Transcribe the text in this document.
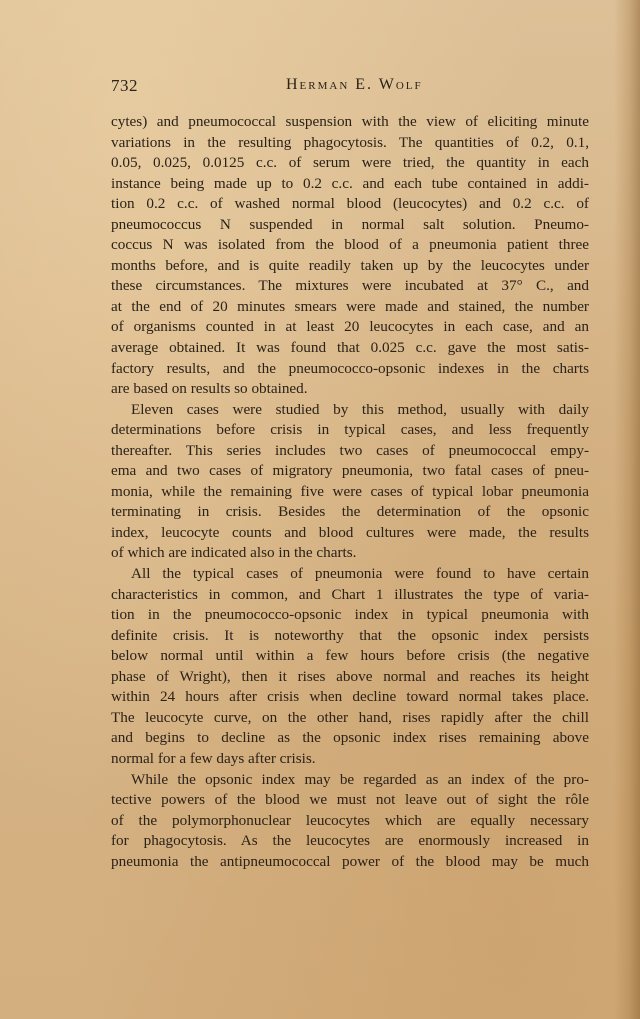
732	Herman E. Wolf
cytes) and pneumococcal suspension with the view of eliciting minute
variations in the resulting phagocytosis. The quantities of 0.2, 0.1,
0.05, 0.025, 0.0125 c.c. of serum were tried, the quantity in each
instance being made up to 0.2 c.c. and each tube contained in addi-
tion 0.2 c.c. of washed normal blood (leucocytes) and 0.2 c.c. of
pneumococcus N suspended in normal salt solution. Pneumo-
coccus N was isolated from the blood of a pneumonia patient three
months before, and is quite readily taken up by the leucocytes under
these circumstances. The mixtures were incubated at 37° C., and
at the end of 20 minutes smears were made and stained, the number
of organisms counted in at least 20 leucocytes in each case, and an
average obtained. It was found that 0.025 c.c. gave the most satis-
factory results, and the pneumococco-opsonic indexes in the charts
are based on results so obtained.
Eleven cases were studied by this method, usually with daily
determinations before crisis in typical cases, and less frequently
thereafter. This series includes two cases of pneumococcal empy-
ema and two cases of migratory pneumonia, two fatal cases of pneu-
monia, while the remaining five were cases of typical lobar pneumonia
terminating in crisis. Besides the determination of the opsonic
index, leucocyte counts and blood cultures were made, the results
of which are indicated also in the charts.
All the typical cases of pneumonia were found to have certain
characteristics in common, and Chart 1 illustrates the type of varia-
tion in the pneumococco-opsonic index in typical pneumonia with
definite crisis. It is noteworthy that the opsonic index persists
below normal until within a few hours before crisis (the negative
phase of Wright), then it rises above normal and reaches its height
within 24 hours after crisis when decline toward normal takes place.
The leucocyte curve, on the other hand, rises rapidly after the chill
and begins to decline as the opsonic index rises remaining above
normal for a few days after crisis.
While the opsonic index may be regarded as an index of the pro-
tective powers of the blood we must not leave out of sight the rôle
of the polymorphonuclear leucocytes which are equally necessary
for phagocytosis. As the leucocytes are enormously increased in
pneumonia the antipneumococcal power of the blood may be much
